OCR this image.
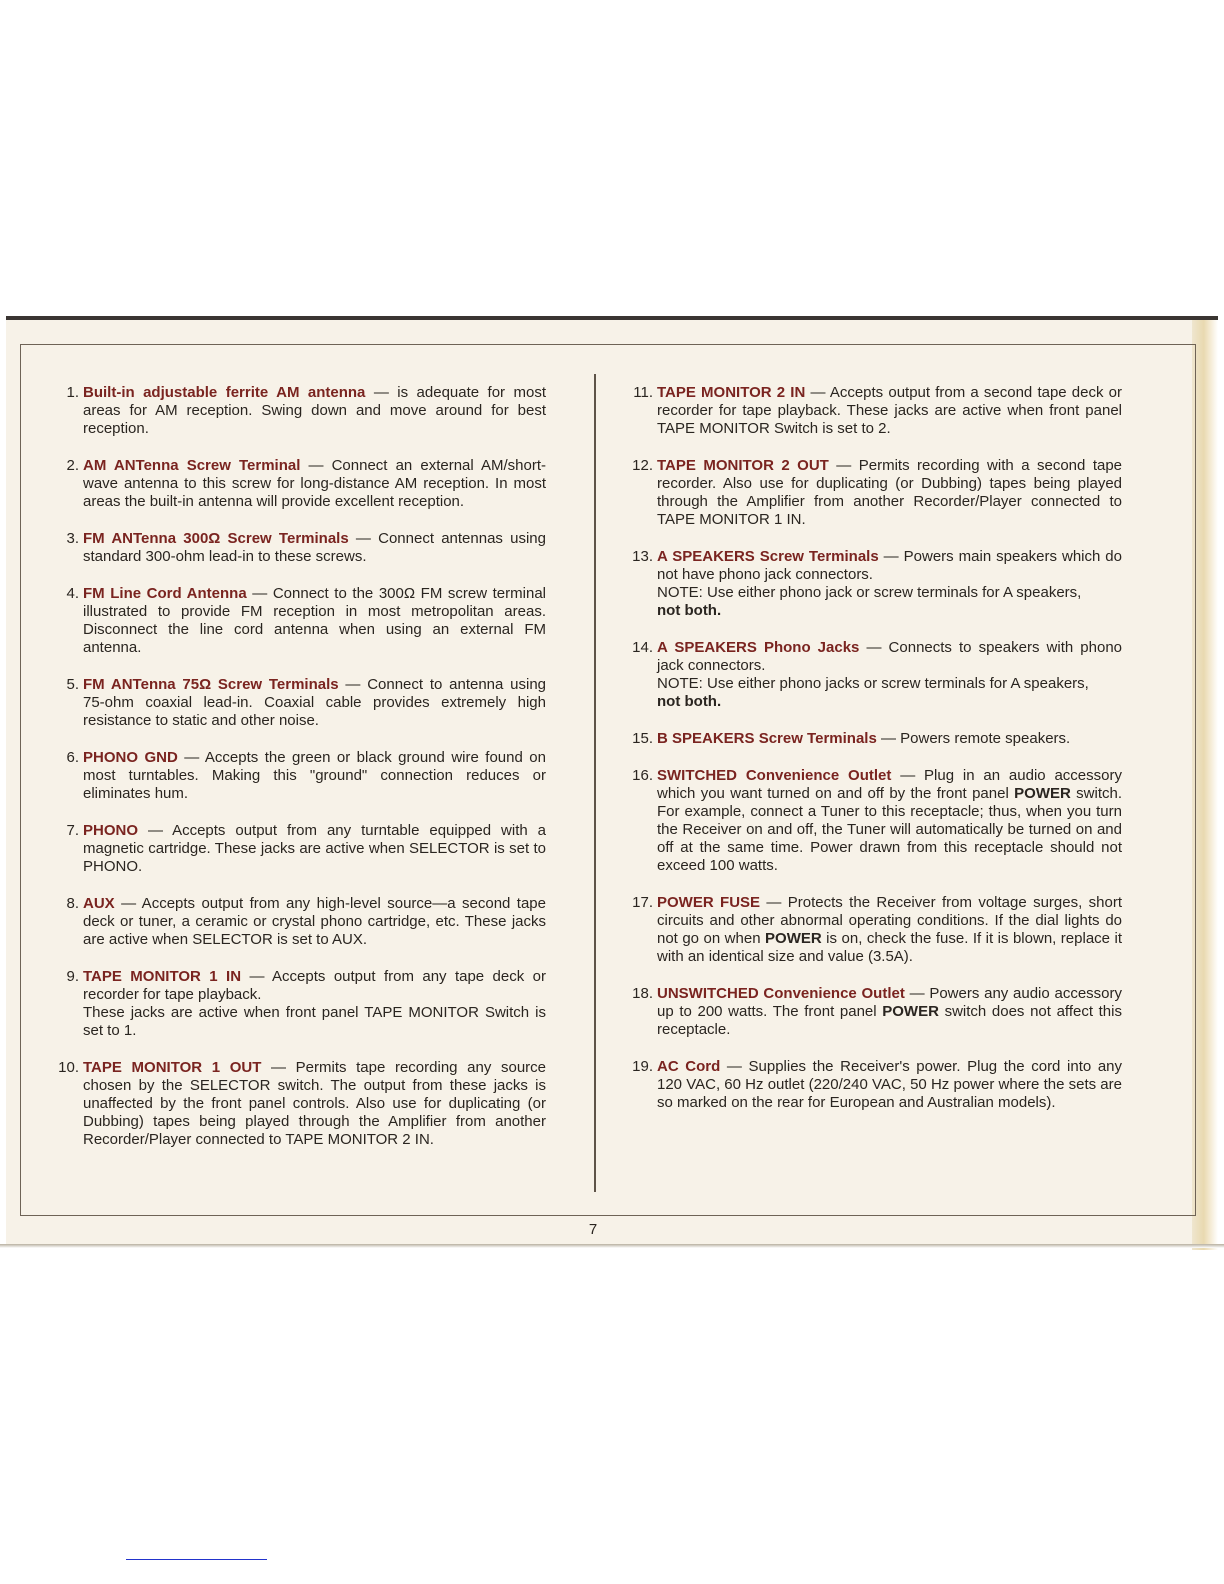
1. Built-in adjustable ferrite AM antenna — is adequate for most areas for AM reception. Swing down and move around for best reception.

2. AM ANTenna Screw Terminal — Connect an external AM/short-wave antenna to this screw for long-distance AM reception. In most areas the built-in antenna will provide excellent reception.

3. FM ANTenna 300Ω Screw Terminals — Connect antennas using standard 300-ohm lead-in to these screws.

4. FM Line Cord Antenna — Connect to the 300Ω FM screw terminal illustrated to provide FM reception in most metropolitan areas. Disconnect the line cord antenna when using an external FM antenna.

5. FM ANTenna 75Ω Screw Terminals — Connect to antenna using 75-ohm coaxial lead-in. Coaxial cable provides extremely high resistance to static and other noise.

6. PHONO GND — Accepts the green or black ground wire found on most turntables. Making this "ground" connection reduces or eliminates hum.

7. PHONO — Accepts output from any turntable equipped with a magnetic cartridge. These jacks are active when SELECTOR is set to PHONO.

8. AUX — Accepts output from any high-level source—a second tape deck or tuner, a ceramic or crystal phono cartridge, etc. These jacks are active when SELECTOR is set to AUX.

9. TAPE MONITOR 1 IN — Accepts output from any tape deck or recorder for tape playback.

These jacks are active when front panel TAPE MONITOR Switch is set to 1.

10. TAPE MONITOR 1 OUT — Permits tape recording any source chosen by the SELECTOR switch. The output from these jacks is unaffected by the front panel controls. Also use for duplicating (or Dubbing) tapes being played through the Amplifier from another Recorder/Player connected to TAPE MONITOR 2 IN.

11. TAPE MONITOR 2 IN — Accepts output from a second tape deck or recorder for tape playback. These jacks are active when front panel TAPE MONITOR Switch is set to 2.

12. TAPE MONITOR 2 OUT — Permits recording with a second tape recorder. Also use for duplicating (or Dubbing) tapes being played through the Amplifier from another Recorder/Player connected to TAPE MONITOR 1 IN.

13. A SPEAKERS Screw Terminals — Powers main speakers which do not have phono jack connectors.

NOTE: Use either phono jack or screw terminals for A speakers,
not both.

14. A SPEAKERS Phono Jacks — Connects to speakers with phono jack connectors.

NOTE: Use either phono jacks or screw terminals for A speakers,
not both.

15. B SPEAKERS Screw Terminals — Powers remote speakers.

16. SWITCHED Convenience Outlet — Plug in an audio accessory which you want turned on and off by the front panel POWER switch. For example, connect a Tuner to this receptacle; thus, when you turn the Receiver on and off, the Tuner will automatically be turned on and off at the same time. Power drawn from this receptacle should not exceed 100 watts.

17. POWER FUSE — Protects the Receiver from voltage surges, short circuits and other abnormal operating conditions. If the dial lights do not go on when POWER is on, check the fuse. If it is blown, replace it with an identical size and value (3.5A).

18. UNSWITCHED Convenience Outlet — Powers any audio accessory up to 200 watts. The front panel POWER switch does not affect this receptacle.

19. AC Cord — Supplies the Receiver's power. Plug the cord into any 120 VAC, 60 Hz outlet (220/240 VAC, 50 Hz power where the sets are so marked on the rear for European and Australian models).

7
